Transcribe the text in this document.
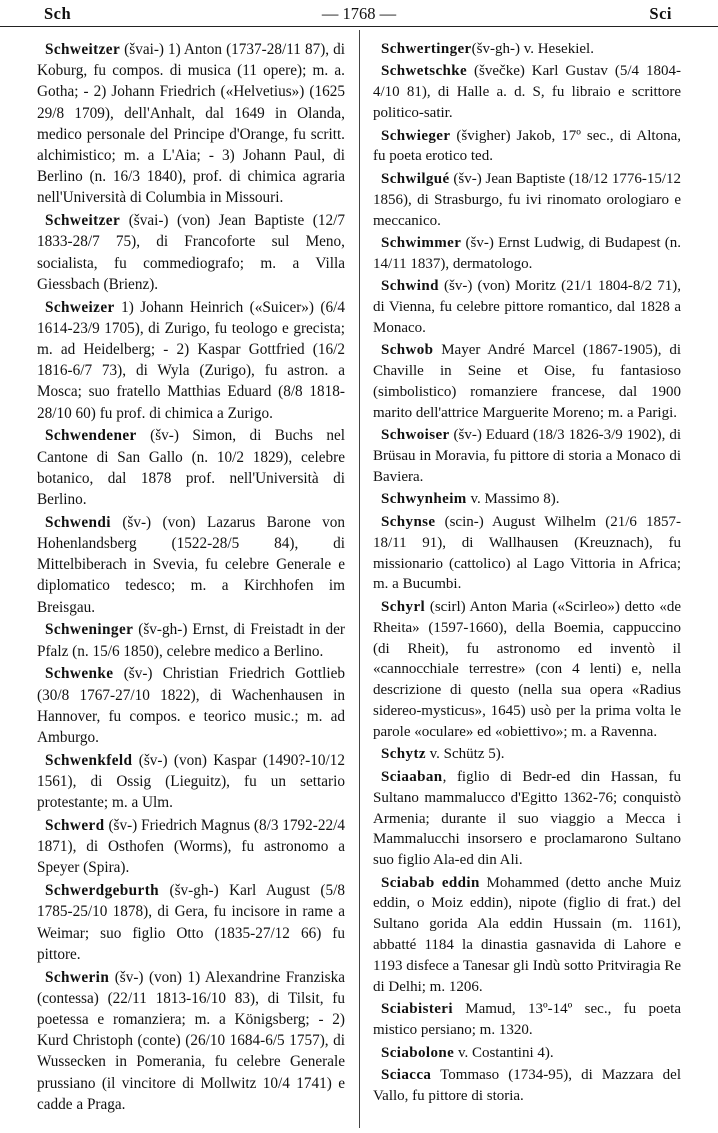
Sch	— 1768 —	Sci

Schweitzer (švai-) 1) Anton (1737-28/11 87), di Koburg, fu compos. di musica (11 opere); m. a. Gotha; - 2) Johann Friedrich («Helvetius») (1625 29/8 1709), dell'Anhalt, dal 1649 in Olanda, medico personale del Principe d'Orange, fu scritt. alchimistico; m. a L'Aia; - 3) Johann Paul, di Berlino (n. 16/3 1840), prof. di chimica agraria nell'Università di Columbia in Missouri.

Schweitzer (švai-) (von) Jean Baptiste (12/7 1833-28/7 75), di Francoforte sul Meno, socialista, fu commediografo; m. a Villa Giessbach (Brienz).

Schweizer 1) Johann Heinrich («Suicer») (6/4 1614-23/9 1705), di Zurigo, fu teologo e grecista; m. ad Heidelberg; - 2) Kaspar Gottfried (16/2 1816-6/7 73), di Wyla (Zurigo), fu astron. a Mosca; suo fratello Matthias Eduard (8/8 1818-28/10 60) fu prof. di chimica a Zurigo.

Schwendener (šv-) Simon, di Buchs nel Cantone di San Gallo (n. 10/2 1829), celebre botanico, dal 1878 prof. nell'Università di Berlino.

Schwendi (šv-) (von) Lazarus Barone von Hohenlandsberg (1522-28/5 84), di Mittelbiberach in Svevia, fu celebre Generale e diplomatico tedesco; m. a Kirchhofen im Breisgau.

Schweninger (šv-gh-) Ernst, di Freistadt in der Pfalz (n. 15/6 1850), celebre medico a Berlino.

Schwenke (šv-) Christian Friedrich Gottlieb (30/8 1767-27/10 1822), di Wachenhausen in Hannover, fu compos. e teorico music.; m. ad Amburgo.

Schwenkfeld (šv-) (von) Kaspar (1490?-10/12 1561), di Ossig (Lieguitz), fu un settario protestante; m. a Ulm.

Schwerd (šv-) Friedrich Magnus (8/3 1792-22/4 1871), di Osthofen (Worms), fu astronomo a Speyer (Spira).

Schwerdgeburth (šv-gh-) Karl August (5/8 1785-25/10 1878), di Gera, fu incisore in rame a Weimar; suo figlio Otto (1835-27/12 66) fu pittore.

Schwerin (šv-) (von) 1) Alexandrine Franziska (contessa) (22/11 1813-16/10 83), di Tilsit, fu poetessa e romanziera; m. a Königsberg; - 2) Kurd Christoph (conte) (26/10 1684-6/5 1757), di Wussecken in Pomerania, fu celebre Generale prussiano (il vincitore di Mollwitz 10/4 1741) e cadde a Praga.

Schwertinger(šv-gh-) v. Hesekiel.

Schwetschke (švečke) Karl Gustav (5/4 1804-4/10 81), di Halle a. d. S, fu libraio e scrittore politico-satir.

Schwieger (švigher) Jakob, 17º sec., di Altona, fu poeta erotico ted.

Schwilgué (šv-) Jean Baptiste (18/12 1776-15/12 1856), di Strasburgo, fu ivi rinomato orologiaro e meccanico.

Schwimmer (šv-) Ernst Ludwig, di Budapest (n. 14/11 1837), dermatologo.

Schwind (šv-) (von) Moritz (21/1 1804-8/2 71), di Vienna, fu celebre pittore romantico, dal 1828 a Monaco.

Schwob Mayer André Marcel (1867-1905), di Chaville in Seine et Oise, fu fantasioso (simbolistico) romanziere francese, dal 1900 marito dell'attrice Marguerite Moreno; m. a Parigi.

Schwoiser (šv-) Eduard (18/3 1826-3/9 1902), di Brüsau in Moravia, fu pittore di storia a Monaco di Baviera.

Schwynheim v. Massimo 8).

Schynse (scin-) August Wilhelm (21/6 1857-18/11 91), di Wallhausen (Kreuznach), fu missionario (cattolico) al Lago Vittoria in Africa; m. a Bucumbi.

Schyrl (scirl) Anton Maria («Scirleo») detto «de Rheita» (1597-1660), della Boemia, cappuccino (di Rheit), fu astronomo ed inventò il «cannocchiale terrestre» (con 4 lenti) e, nella descrizione di questo (nella sua opera «Radius sidereo-mysticus», 1645) usò per la prima volta le parole «oculare» ed «obiettivo»; m. a Ravenna.

Schytz v. Schütz 5).

Sciaaban, figlio di Bedr-ed din Hassan, fu Sultano mammalucco d'Egitto 1362-76; conquistò Armenia; durante il suo viaggio a Mecca i Mammalucchi insorsero e proclamarono Sultano suo figlio Ala-ed din Ali.

Sciabab eddin Mohammed (detto anche Muiz eddin, o Moiz eddin), nipote (figlio di frat.) del Sultano gorida Ala eddin Hussain (m. 1161), abbatté 1184 la dinastia gasnavida di Lahore e 1193 disfece a Tanesar gli Indù sotto Pritviragia Re di Delhi; m. 1206.

Sciabisteri Mamud, 13º-14º sec., fu poeta mistico persiano; m. 1320.

Sciabolone v. Costantini 4).

Sciacca Tommaso (1734-95), di Mazzara del Vallo, fu pittore di storia.
